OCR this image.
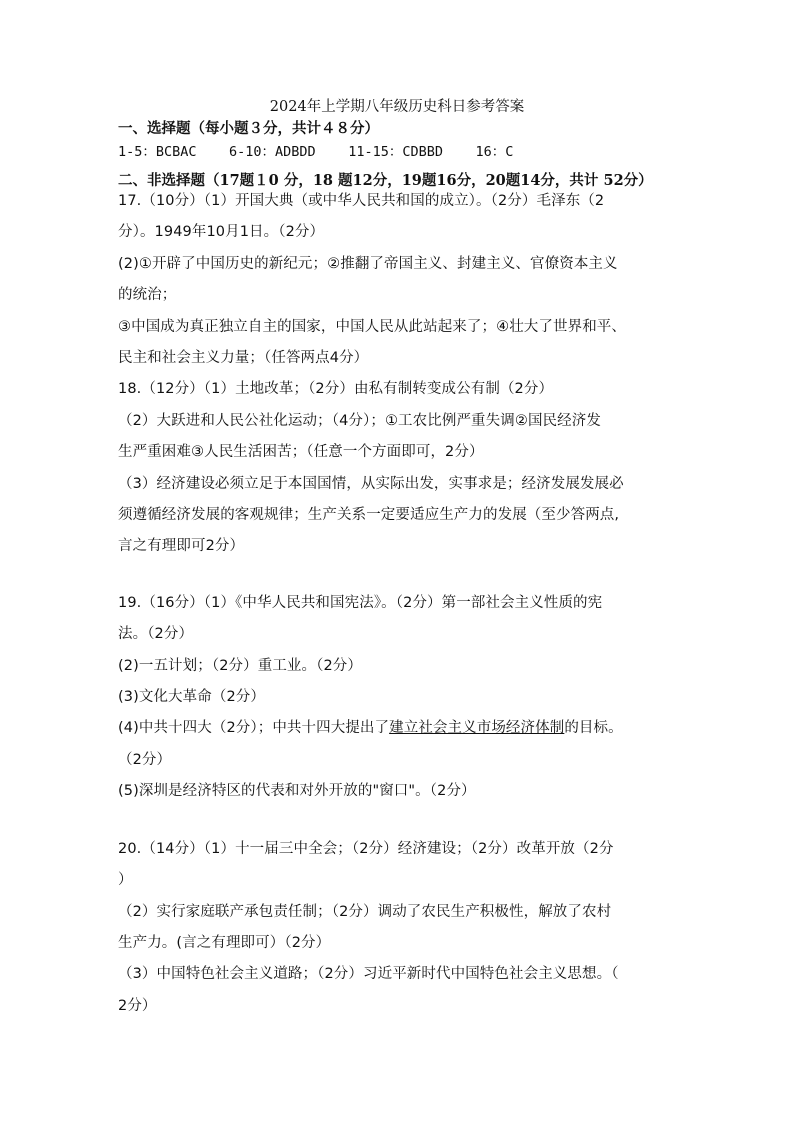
2024年上学期八年级历史科日参考答案
一、选择题（每小题３分，共计４８分）
1-5：BCBAC    6-10：ADBDD    11-15：CDBBD    16：C
二、非选择题（17题１0 分，18 题12分，19题16分，20题14分，共计 52分）
17.（10分）（1）开国大典（或中华人民共和国的成立）。（2分）毛泽东（2
分）。1949年10月1日。（2分）
(2)①开辟了中国历史的新纪元；②推翻了帝国主义、封建主义、官僚资本主义
的统治；
③中国成为真正独立自主的国家，中国人民从此站起来了；④壮大了世界和平、
民主和社会主义力量；（任答两点4分）
18.（12分）（1）土地改革；（2分）由私有制转变成公有制（2分）
（2）大跃进和人民公社化运动；（4分）；①工农比例严重失调②国民经济发
生严重困难③人民生活困苦；（任意一个方面即可，2分）
（3）经济建设必须立足于本国国情，从实际出发，实事求是；经济发展发展必
须遵循经济发展的客观规律；生产关系一定要适应生产力的发展（至少答两点,
言之有理即可2分）
19.（16分）（1）《中华人民共和国宪法》。（2分）第一部社会主义性质的宪
法。（2分）
(2)一五计划；（2分）重工业。（2分）
(3)文化大革命（2分）
(4)中共十四大（2分）；中共十四大提出了建立社会主义市场经济体制的目标。
（2分）
(5)深圳是经济特区的代表和对外开放的"窗口"。（2分）
20.（14分）（1）十一届三中全会；（2分）经济建设；（2分）改革开放（2分
）
（2）实行家庭联产承包责任制；（2分）调动了农民生产积极性，解放了农村
生产力。(言之有理即可）（2分）
（3）中国特色社会主义道路；（2分）习近平新时代中国特色社会主义思想。（
2分）
